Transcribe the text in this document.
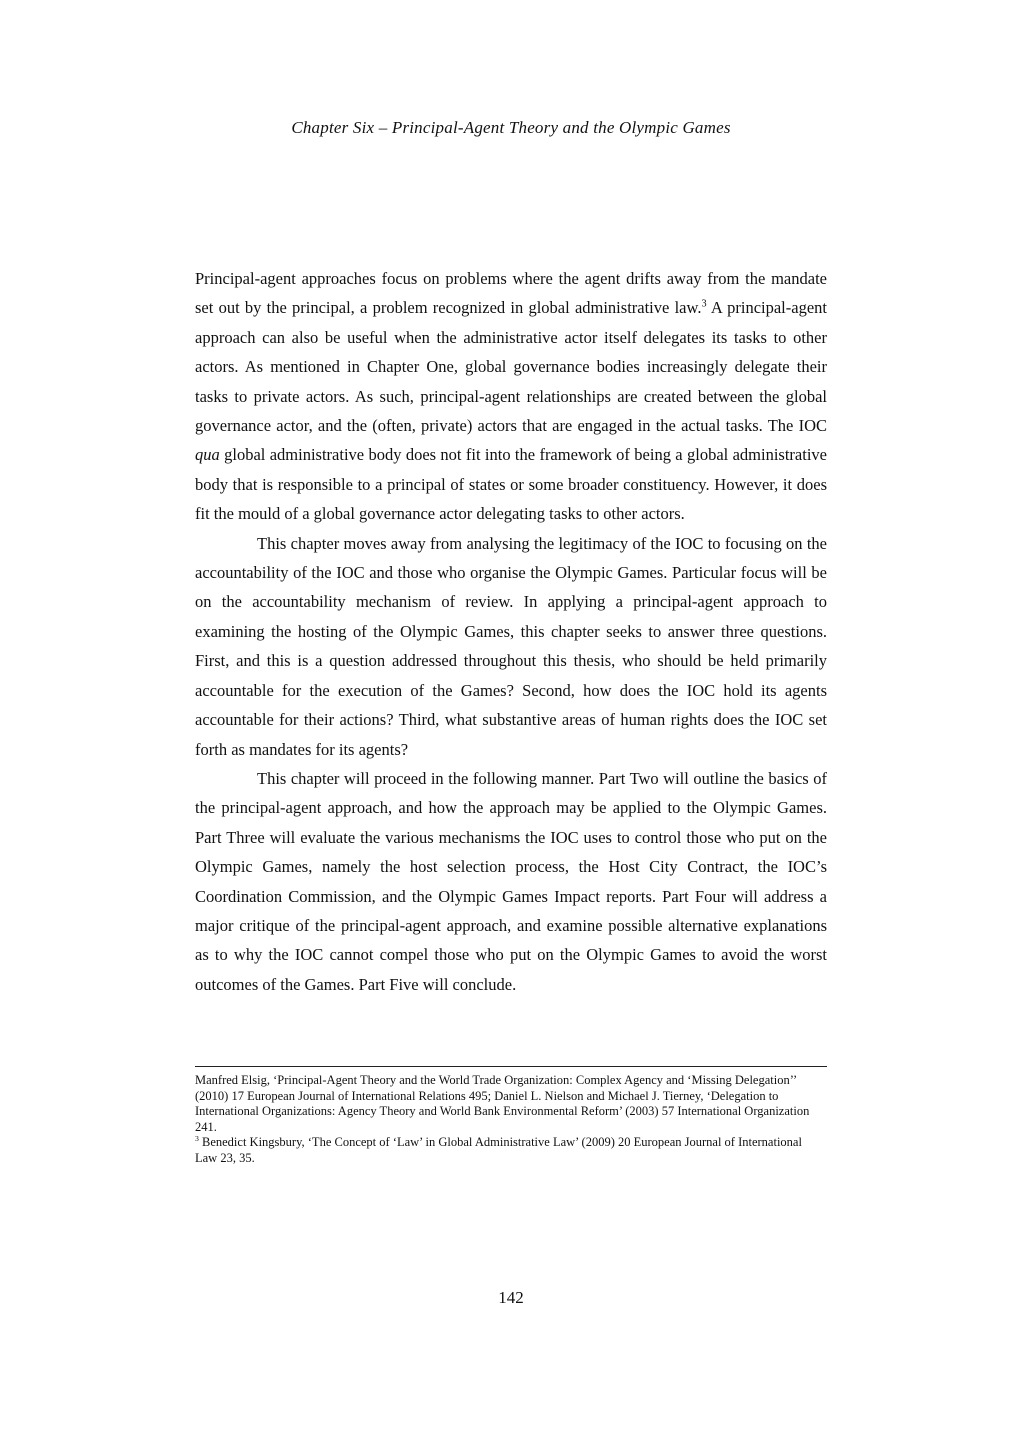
Chapter Six – Principal-Agent Theory and the Olympic Games

Principal-agent approaches focus on problems where the agent drifts away from the mandate set out by the principal, a problem recognized in global administrative law.$^3$ A principal-agent approach can also be useful when the administrative actor itself delegates its tasks to other actors. As mentioned in Chapter One, global governance bodies increasingly delegate their tasks to private actors. As such, principal-agent relationships are created between the global governance actor, and the (often, private) actors that are engaged in the actual tasks. The IOC qua global administrative body does not fit into the framework of being a global administrative body that is responsible to a principal of states or some broader constituency. However, it does fit the mould of a global governance actor delegating tasks to other actors.

This chapter moves away from analysing the legitimacy of the IOC to focusing on the accountability of the IOC and those who organise the Olympic Games. Particular focus will be on the accountability mechanism of review. In applying a principal-agent approach to examining the hosting of the Olympic Games, this chapter seeks to answer three questions. First, and this is a question addressed throughout this thesis, who should be held primarily accountable for the execution of the Games? Second, how does the IOC hold its agents accountable for their actions? Third, what substantive areas of human rights does the IOC set forth as mandates for its agents?

This chapter will proceed in the following manner. Part Two will outline the basics of the principal-agent approach, and how the approach may be applied to the Olympic Games. Part Three will evaluate the various mechanisms the IOC uses to control those who put on the Olympic Games, namely the host selection process, the Host City Contract, the IOC’s Coordination Commission, and the Olympic Games Impact reports. Part Four will address a major critique of the principal-agent approach, and examine possible alternative explanations as to why the IOC cannot compel those who put on the Olympic Games to avoid the worst outcomes of the Games. Part Five will conclude.

Manfred Elsig, ‘Principal-Agent Theory and the World Trade Organization: Complex Agency and ‘Missing Delegation’’ (2010) 17 European Journal of International Relations 495; Daniel L. Nielson and Michael J. Tierney, ‘Delegation to International Organizations: Agency Theory and World Bank Environmental Reform’ (2003) 57 International Organization 241.

$^3$ Benedict Kingsbury, ‘The Concept of ‘Law’ in Global Administrative Law’ (2009) 20 European Journal of International Law 23, 35.

142
